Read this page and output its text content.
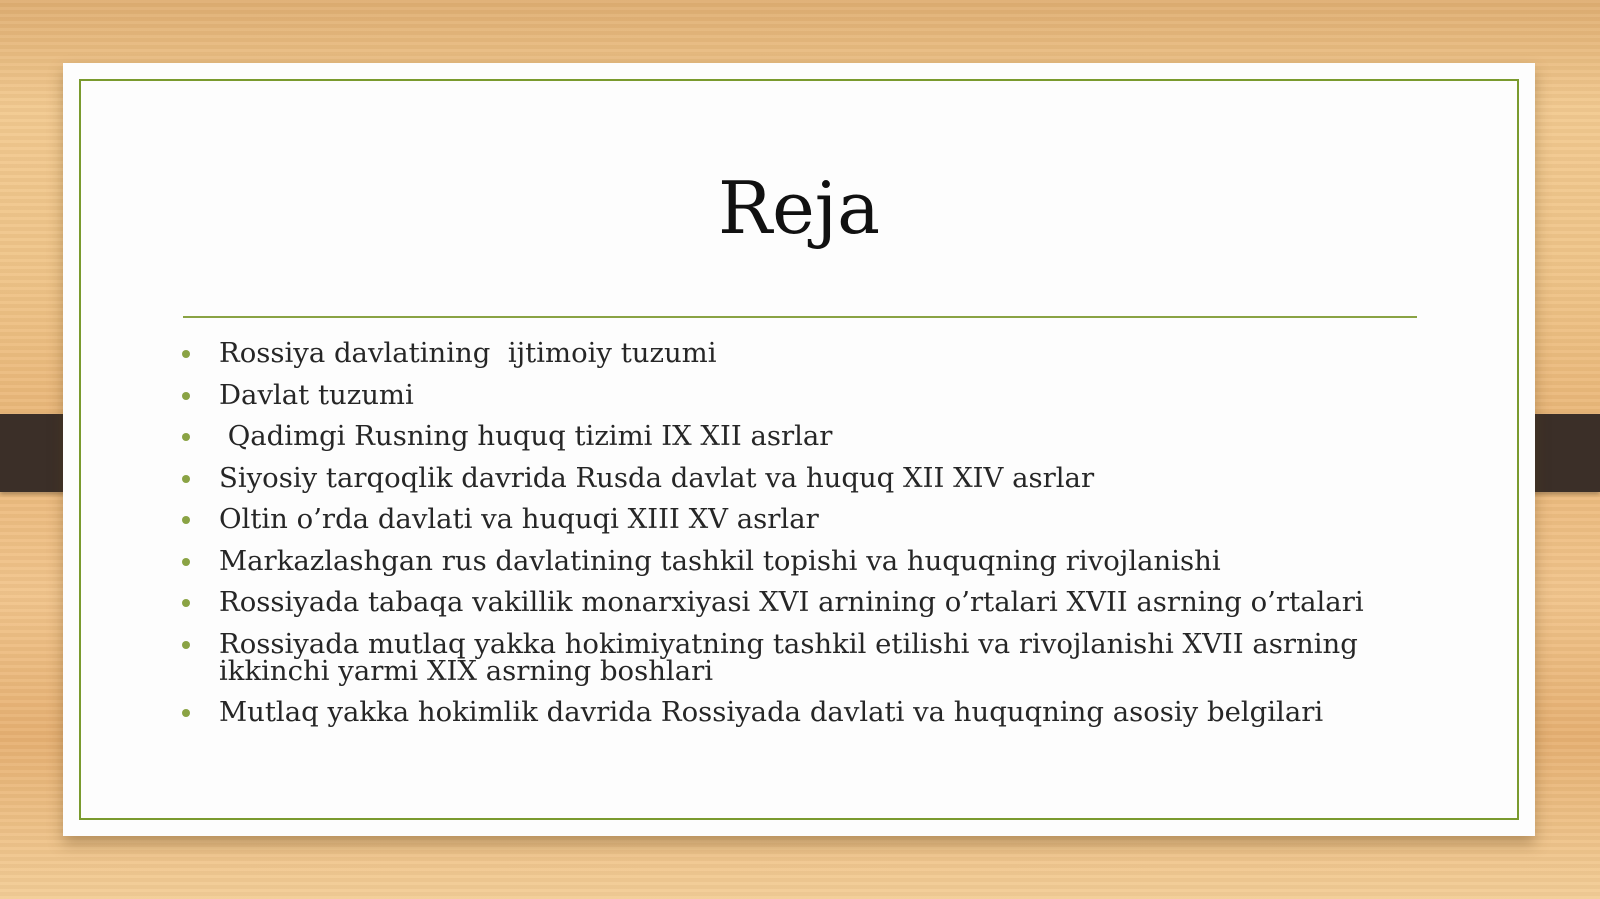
Reja
Rossiya davlatining  ijtimoiy tuzumi
Davlat tuzumi
Qadimgi Rusning huquq tizimi IX XII asrlar
Siyosiy tarqoqlik davrida Rusda davlat va huquq XII XIV asrlar
Oltin o’rda davlati va huquqi XIII XV asrlar
Markazlashgan rus davlatining tashkil topishi va huquqning rivojlanishi
Rossiyada tabaqa vakillik monarxiyasi XVI arnining o’rtalari XVII asrning o’rtalari
Rossiyada mutlaq yakka hokimiyatning tashkil etilishi va rivojlanishi XVII asrning ikkinchi yarmi XIX asrning boshlari
Mutlaq yakka hokimlik davrida Rossiyada davlati va huquqning asosiy belgilari
